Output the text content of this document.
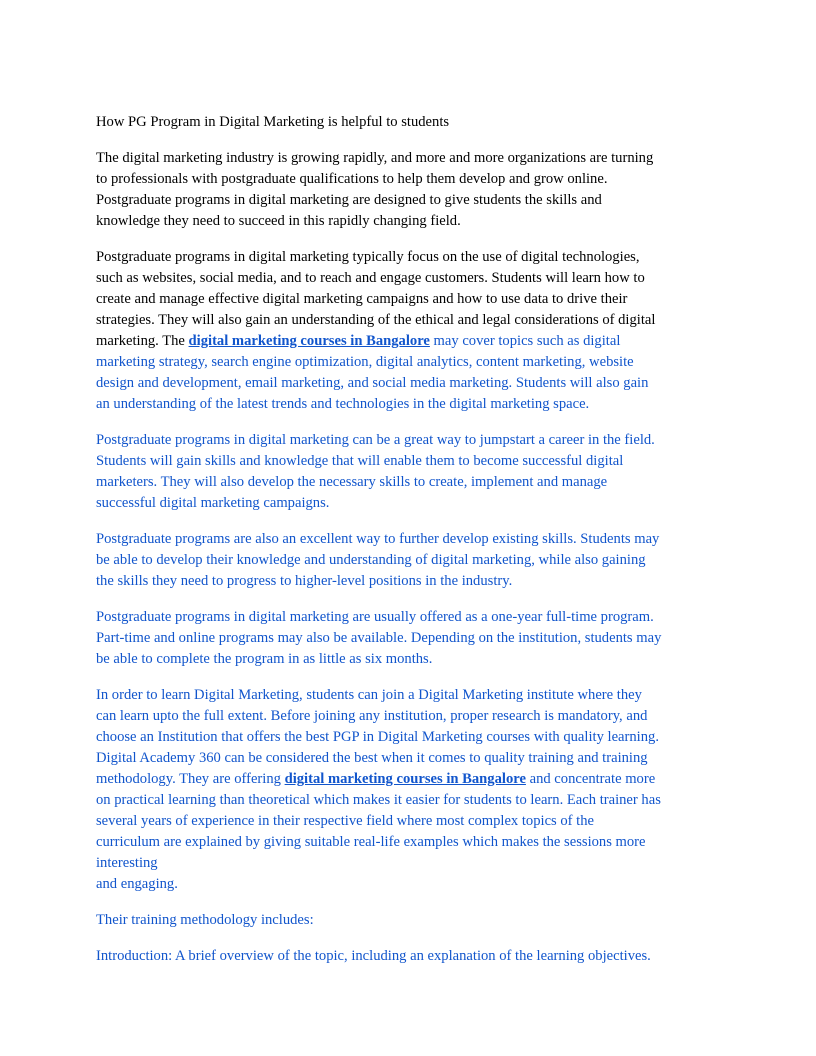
How PG Program in Digital Marketing is helpful to students

The digital marketing industry is growing rapidly, and more and more organizations are turning
to professionals with postgraduate qualifications to help them develop and grow online.
Postgraduate programs in digital marketing are designed to give students the skills and
knowledge they need to succeed in this rapidly changing field.

Postgraduate programs in digital marketing typically focus on the use of digital technologies,
such as websites, social media, and to reach and engage customers. Students will learn how to
create and manage effective digital marketing campaigns and how to use data to drive their
strategies. They will also gain an understanding of the ethical and legal considerations of digital
marketing. The digital marketing courses in Bangalore may cover topics such as digital
marketing strategy, search engine optimization, digital analytics, content marketing, website
design and development, email marketing, and social media marketing. Students will also gain
an understanding of the latest trends and technologies in the digital marketing space.

Postgraduate programs in digital marketing can be a great way to jumpstart a career in the field.
Students will gain skills and knowledge that will enable them to become successful digital
marketers. They will also develop the necessary skills to create, implement and manage
successful digital marketing campaigns.

Postgraduate programs are also an excellent way to further develop existing skills. Students may
be able to develop their knowledge and understanding of digital marketing, while also gaining
the skills they need to progress to higher-level positions in the industry.

Postgraduate programs in digital marketing are usually offered as a one-year full-time program.
Part-time and online programs may also be available. Depending on the institution, students may
be able to complete the program in as little as six months.

In order to learn Digital Marketing, students can join a Digital Marketing institute where they
can learn upto the full extent. Before joining any institution, proper research is mandatory, and
choose an Institution that offers the best PGP in Digital Marketing courses with quality learning.
Digital Academy 360 can be considered the best when it comes to quality training and training
methodology. They are offering digital marketing courses in Bangalore and concentrate more
on practical learning than theoretical which makes it easier for students to learn. Each trainer has
several years of experience in their respective field where most complex topics of the
curriculum are explained by giving suitable real-life examples which makes the sessions more
interesting
and engaging.

Their training methodology includes:

Introduction: A brief overview of the topic, including an explanation of the learning objectives.
